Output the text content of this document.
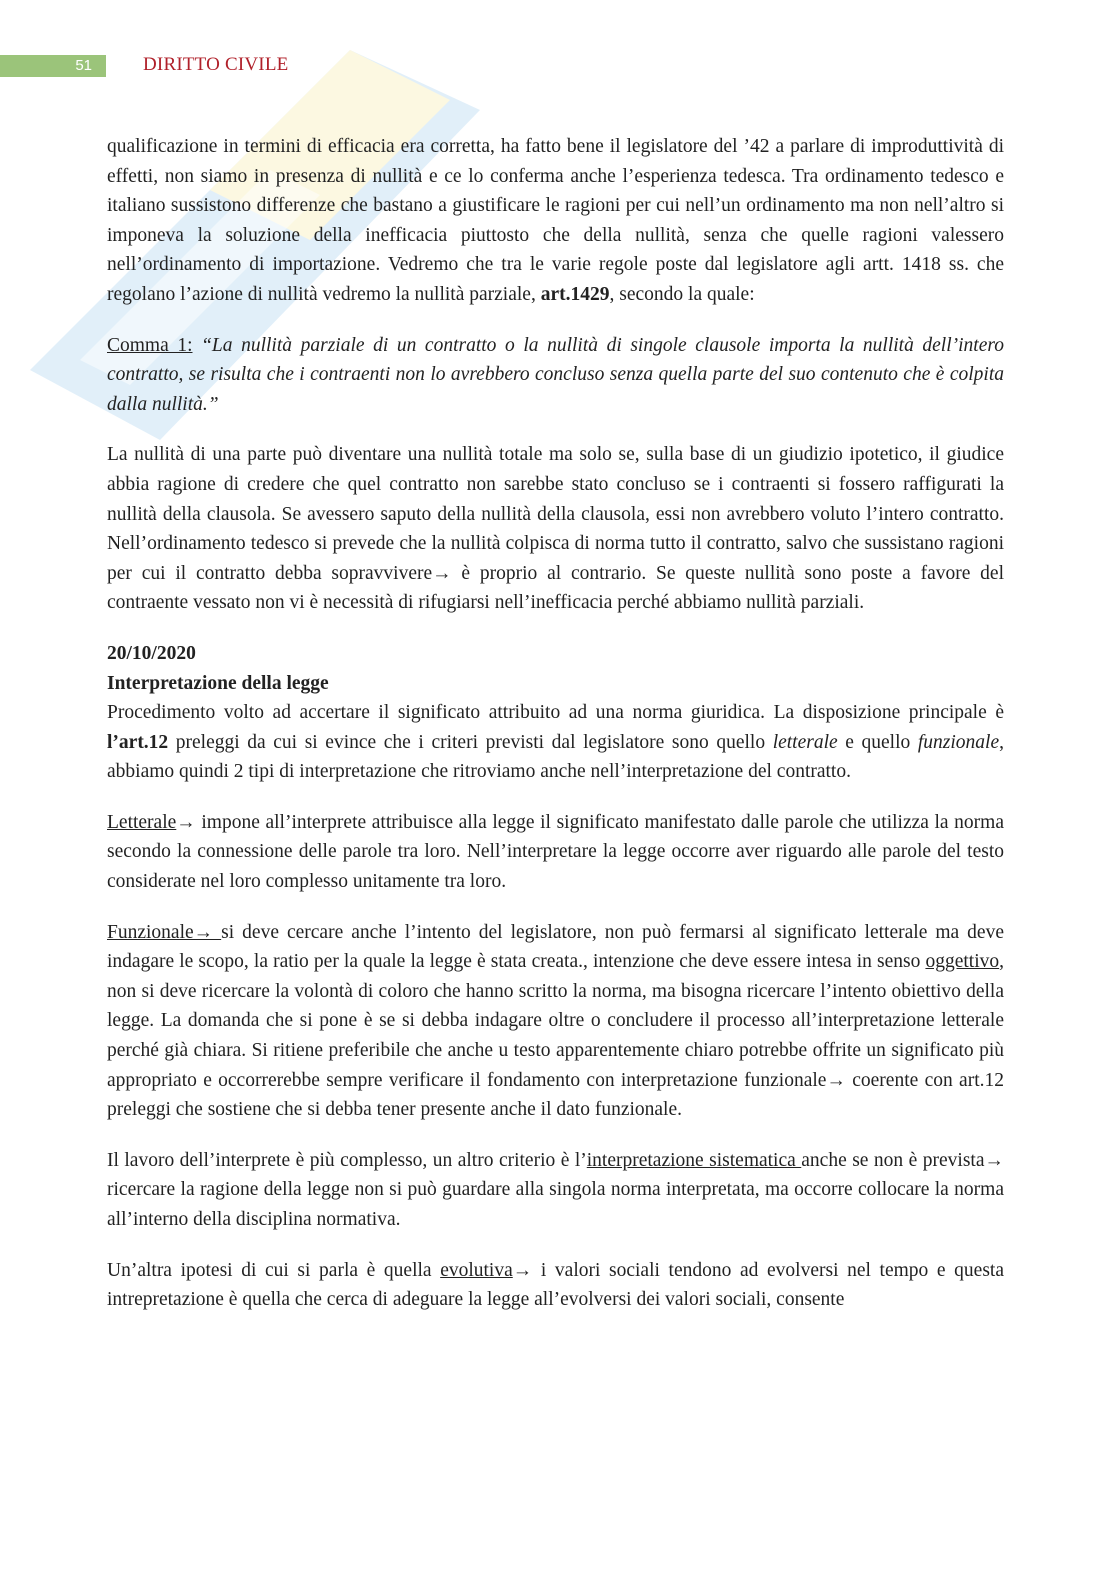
51	DIRITTO CIVILE

qualificazione in termini di efficacia era corretta, ha fatto bene il legislatore del ’42 a parlare di improduttività di effetti, non siamo in presenza di nullità e ce lo conferma anche l’esperienza tedesca. Tra ordinamento tedesco e italiano sussistono differenze che bastano a giustificare le ragioni per cui nell’un ordinamento ma non nell’altro si imponeva la soluzione della inefficacia piuttosto che della nullità, senza che quelle ragioni valessero nell’ordinamento di importazione. Vedremo che tra le varie regole poste dal legislatore agli artt. 1418 ss. che regolano l’azione di nullità vedremo la nullità parziale, art.1429, secondo la quale:

Comma 1: “La nullità parziale di un contratto o la nullità di singole clausole importa la nullità dell’intero contratto, se risulta che i contraenti non lo avrebbero concluso senza quella parte del suo contenuto che è colpita dalla nullità.”

La nullità di una parte può diventare una nullità totale ma solo se, sulla base di un giudizio ipotetico, il giudice abbia ragione di credere che quel contratto non sarebbe stato concluso se i contraenti si fossero raffigurati la nullità della clausola. Se avessero saputo della nullità della clausola, essi non avrebbero voluto l’intero contratto. Nell’ordinamento tedesco si prevede che la nullità colpisca di norma tutto il contratto, salvo che sussistano ragioni per cui il contratto debba sopravvivere→ è proprio al contrario. Se queste nullità sono poste a favore del contraente vessato non vi è necessità di rifugiarsi nell’inefficacia perché abbiamo nullità parziali.

20/10/2020

Interpretazione della legge

Procedimento volto ad accertare il significato attribuito ad una norma giuridica. La disposizione principale è l’art.12 preleggi da cui si evince che i criteri previsti dal legislatore sono quello letterale e quello funzionale, abbiamo quindi 2 tipi di interpretazione che ritroviamo anche nell’interpretazione del contratto.

Letterale→ impone all’interprete attribuisce alla legge il significato manifestato dalle parole che utilizza la norma secondo la connessione delle parole tra loro. Nell’interpretare la legge occorre aver riguardo alle parole del testo considerate nel loro complesso unitamente tra loro.

Funzionale→ si deve cercare anche l’intento del legislatore, non può fermarsi al significato letterale ma deve indagare le scopo, la ratio per la quale la legge è stata creata., intenzione che deve essere intesa in senso oggettivo, non si deve ricercare la volontà di coloro che hanno scritto la norma, ma bisogna ricercare l’intento obiettivo della legge. La domanda che si pone è se si debba indagare oltre o concludere il processo all’interpretazione letterale perché già chiara. Si ritiene preferibile che anche u testo apparentemente chiaro potrebbe offrite un significato più appropriato e occorrerebbe sempre verificare il fondamento con interpretazione funzionale→ coerente con art.12 preleggi che sostiene che si debba tener presente anche il dato funzionale.

Il lavoro dell’interprete è più complesso, un altro criterio è l’interpretazione sistematica anche se non è prevista→ ricercare la ragione della legge non si può guardare alla singola norma interpretata, ma occorre collocare la norma all’interno della disciplina normativa.

Un’altra ipotesi di cui si parla è quella evolutiva→ i valori sociali tendono ad evolversi nel tempo e questa intrepretazione è quella che cerca di adeguare la legge all’evolversi dei valori sociali, consente
